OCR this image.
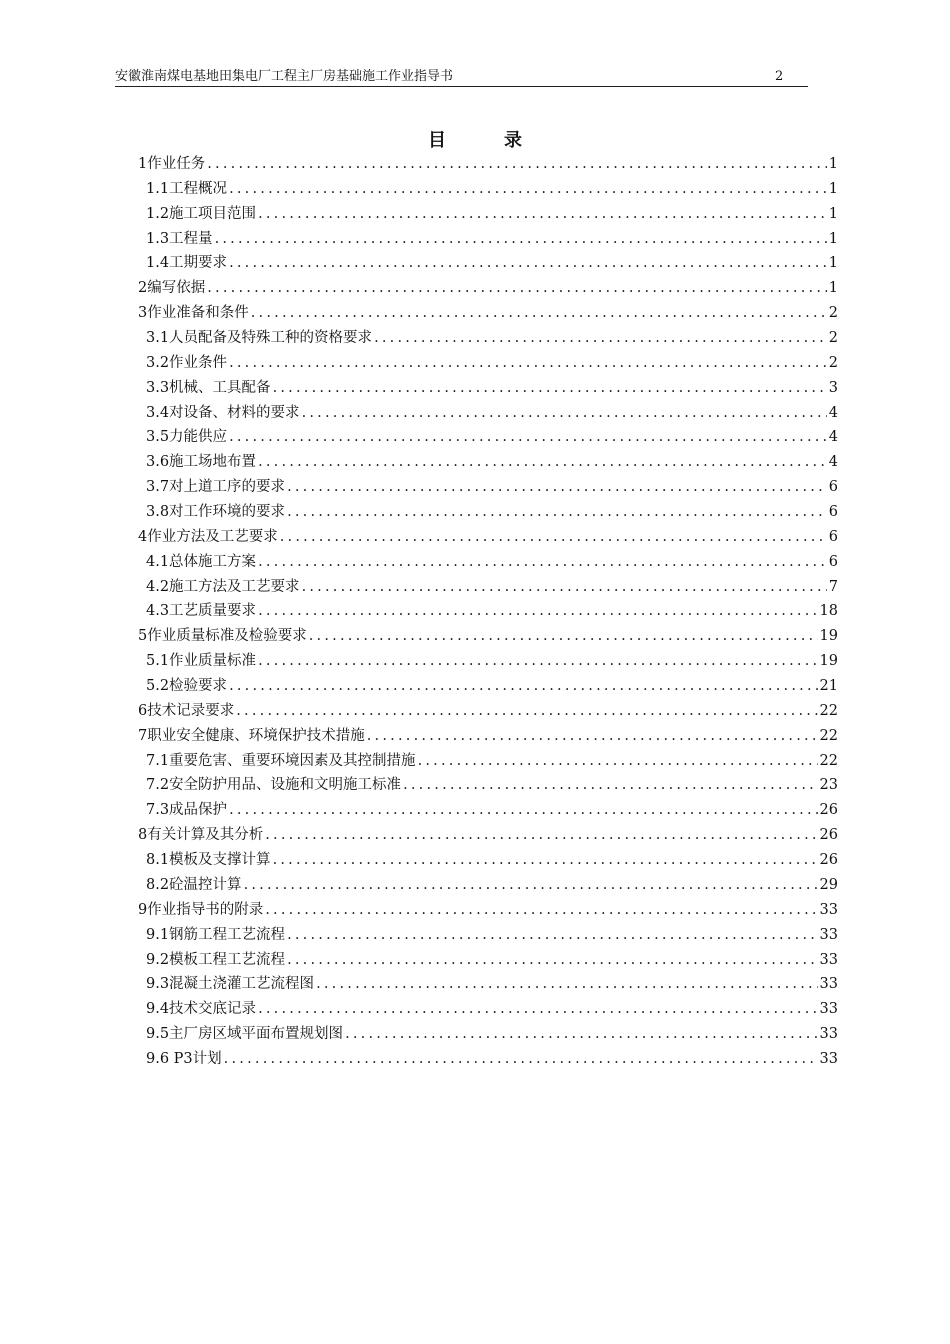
安徽淮南煤电基地田集电厂工程主厂房基础施工作业指导书	2
目录
1作业任务 .....	1
1.1工程概况 .....	1
1.2施工项目范围 .....	1
1.3工程量 .....	1
1.4工期要求 .....	1
2编写依据 .....	1
3作业准备和条件 .....	2
3.1人员配备及特殊工种的资格要求 .....	2
3.2作业条件 .....	2
3.3机械、工具配备 .....	3
3.4对设备、材料的要求 .....	4
3.5力能供应 .....	4
3.6施工场地布置 .....	4
3.7对上道工序的要求 .....	6
3.8对工作环境的要求 .....	6
4作业方法及工艺要求 .....	6
4.1总体施工方案 .....	6
4.2施工方法及工艺要求 .....	7
4.3工艺质量要求 .....	18
5作业质量标准及检验要求 .....	19
5.1作业质量标准 .....	19
5.2检验要求 .....	21
6技术记录要求 .....	22
7职业安全健康、环境保护技术措施 .....	22
7.1重要危害、重要环境因素及其控制措施 .....	22
7.2安全防护用品、设施和文明施工标准 .....	23
7.3成品保护 .....	26
8有关计算及其分析 .....	26
8.1模板及支撑计算 .....	26
8.2砼温控计算 .....	29
9作业指导书的附录 .....	33
9.1钢筋工程工艺流程 .....	33
9.2模板工程工艺流程 .....	33
9.3混凝土浇灌工艺流程图 .....	33
9.4技术交底记录 .....	33
9.5主厂房区域平面布置规划图 .....	33
9.6 P3计划 .....	33
